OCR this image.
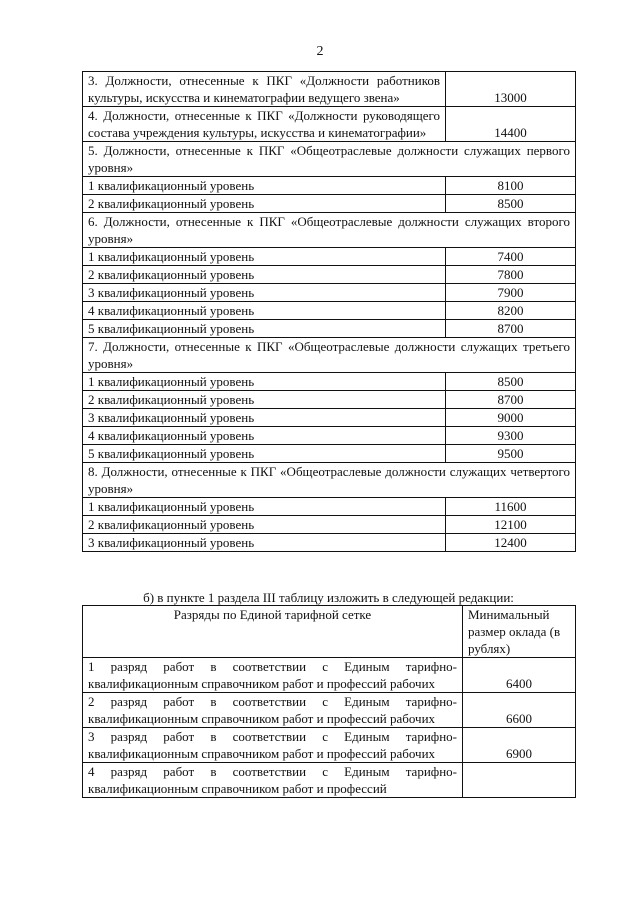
2
3. Должности, отнесенные к ПКГ «Должности работников культуры, искусства и кинематографии ведущего звена»	13000
4. Должности, отнесенные к ПКГ «Должности руководящего состава учреждения культуры, искусства и кинематографии»	14400
5. Должности, отнесенные к ПКГ «Общеотраслевые должности служащих первого уровня»	
1 квалификационный уровень	8100
2 квалификационный уровень	8500
6. Должности, отнесенные к ПКГ «Общеотраслевые должности служащих второго уровня»	
1 квалификационный уровень	7400
2 квалификационный уровень	7800
3 квалификационный уровень	7900
4 квалификационный уровень	8200
5 квалификационный уровень	8700
7. Должности, отнесенные к ПКГ «Общеотраслевые должности служащих третьего уровня»	
1 квалификационный уровень	8500
2 квалификационный уровень	8700
3 квалификационный уровень	9000
4 квалификационный уровень	9300
5 квалификационный уровень	9500
8. Должности, отнесенные к ПКГ «Общеотраслевые должности служащих четвертого уровня»	
1 квалификационный уровень	11600
2 квалификационный уровень	12100
3 квалификационный уровень	12400
б) в пункте 1 раздела III таблицу изложить в следующей редакции:
Разряды по Единой тарифной сетке	Минимальный размер оклада (в рублях)
1 разряд работ в соответствии с Единым тарифно-квалификационным справочником работ и профессий рабочих	6400
2 разряд работ в соответствии с Единым тарифно-квалификационным справочником работ и профессий рабочих	6600
3 разряд работ в соответствии с Единым тарифно-квалификационным справочником работ и профессий рабочих	6900
4 разряд работ в соответствии с Единым тарифно-квалификационным справочником работ и профессий	
